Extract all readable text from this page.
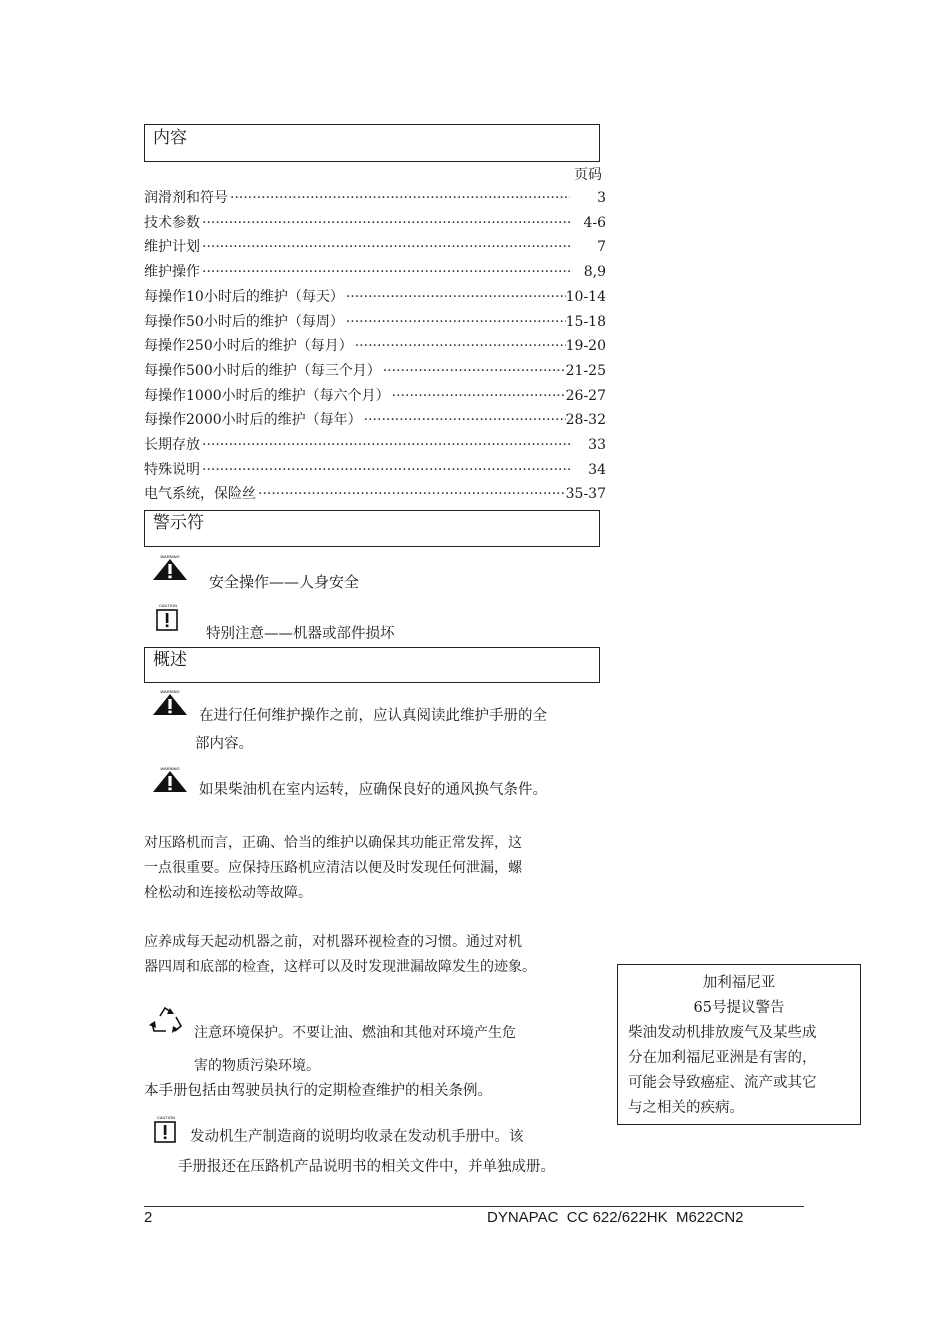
内容
页码
润滑剂和符号 ·····	3
技术参数 ·····	4-6
维护计划 ·····	7
维护操作 ·····	8,9
每操作10小时后的维护（每天） ·····	10-14
每操作50小时后的维护（每周） ·····	15-18
每操作250小时后的维护（每月） ·····	19-20
每操作500小时后的维护（每三个月） ·····	21-25
每操作1000小时后的维护（每六个月） ·····	26-27
每操作2000小时后的维护（每年） ·····	28-32
长期存放 ·····	33
特殊说明 ·····	34
电气系统，保险丝 ·····	35-37
警示符
WARNING
安全操作——人身安全
CAUTION
特别注意——机器或部件损坏
概述
WARNING
在进行任何维护操作之前，应认真阅读此维护手册的全
部内容。
WARNING
如果柴油机在室内运转，应确保良好的通风换气条件。
对压路机而言，正确、恰当的维护以确保其功能正常发挥，这
一点很重要。应保持压路机应清洁以便及时发现任何泄漏，螺
栓松动和连接松动等故障。
应养成每天起动机器之前，对机器环视检查的习惯。通过对机
器四周和底部的检查，这样可以及时发现泄漏故障发生的迹象。
注意环境保护。不要让油、燃油和其他对环境产生危
害的物质污染环境。
本手册包括由驾驶员执行的定期检查维护的相关条例。
CAUTION
发动机生产制造商的说明均收录在发动机手册中。该
手册报还在压路机产品说明书的相关文件中，并单独成册。
加利福尼亚
65号提议警告
柴油发动机排放废气及某些成
分在加利福尼亚洲是有害的，
可能会导致癌症、流产或其它
与之相关的疾病。
2	DYNAPAC  CC 622/622HK  M622CN2
